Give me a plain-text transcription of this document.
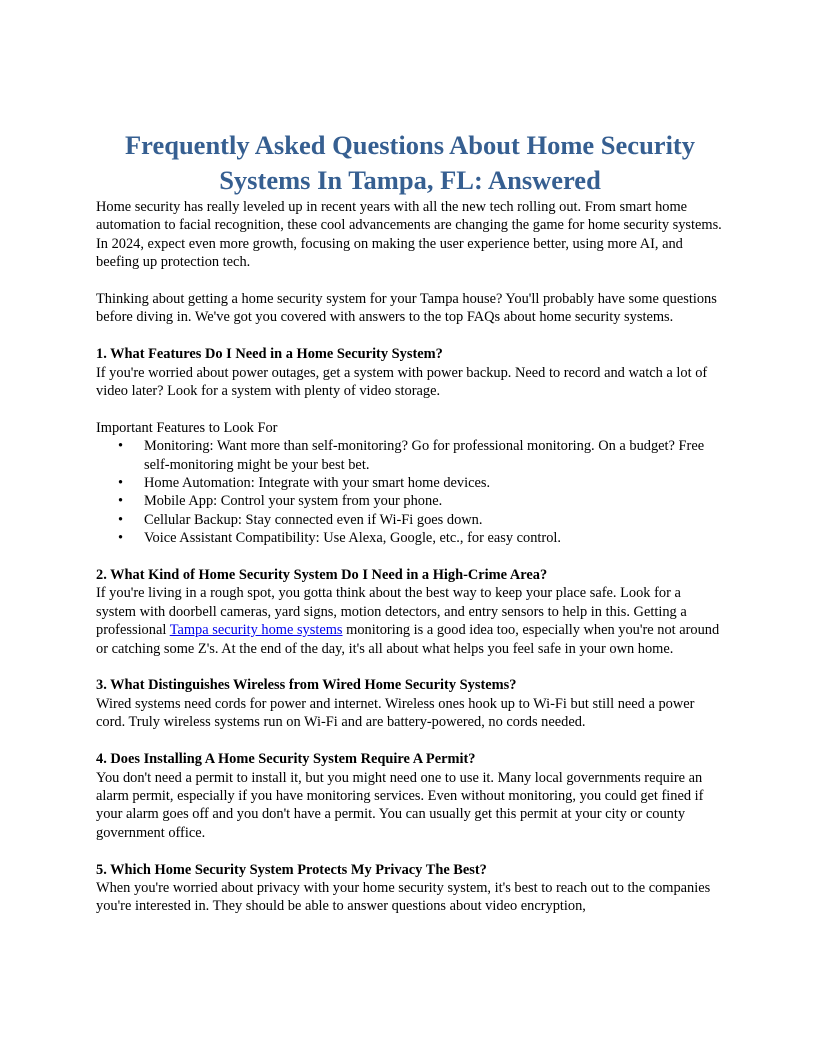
Frequently Asked Questions About Home Security
Systems In Tampa, FL: Answered

Home security has really leveled up in recent years with all the new tech rolling out. From smart home automation to facial recognition, these cool advancements are changing the game for home security systems. In 2024, expect even more growth, focusing on making the user experience better, using more AI, and beefing up protection tech.

Thinking about getting a home security system for your Tampa house? You'll probably have some questions before diving in. We've got you covered with answers to the top FAQs about home security systems.

1. What Features Do I Need in a Home Security System?

If you're worried about power outages, get a system with power backup. Need to record and watch a lot of video later? Look for a system with plenty of video storage.

Important Features to Look For

• Monitoring: Want more than self-monitoring? Go for professional monitoring. On a budget? Free self-monitoring might be your best bet.
• Home Automation: Integrate with your smart home devices.
• Mobile App: Control your system from your phone.
• Cellular Backup: Stay connected even if Wi-Fi goes down.
• Voice Assistant Compatibility: Use Alexa, Google, etc., for easy control.

2. What Kind of Home Security System Do I Need in a High-Crime Area?

If you're living in a rough spot, you gotta think about the best way to keep your place safe. Look for a system with doorbell cameras, yard signs, motion detectors, and entry sensors to help in this. Getting a professional Tampa security home systems monitoring is a good idea too, especially when you're not around or catching some Z's. At the end of the day, it's all about what helps you feel safe in your own home.

3. What Distinguishes Wireless from Wired Home Security Systems?

Wired systems need cords for power and internet. Wireless ones hook up to Wi-Fi but still need a power cord. Truly wireless systems run on Wi-Fi and are battery-powered, no cords needed.

4. Does Installing A Home Security System Require A Permit?

You don't need a permit to install it, but you might need one to use it. Many local governments require an alarm permit, especially if you have monitoring services. Even without monitoring, you could get fined if your alarm goes off and you don't have a permit. You can usually get this permit at your city or county government office.

5. Which Home Security System Protects My Privacy The Best?

When you're worried about privacy with your home security system, it's best to reach out to the companies you're interested in. They should be able to answer questions about video encryption,
